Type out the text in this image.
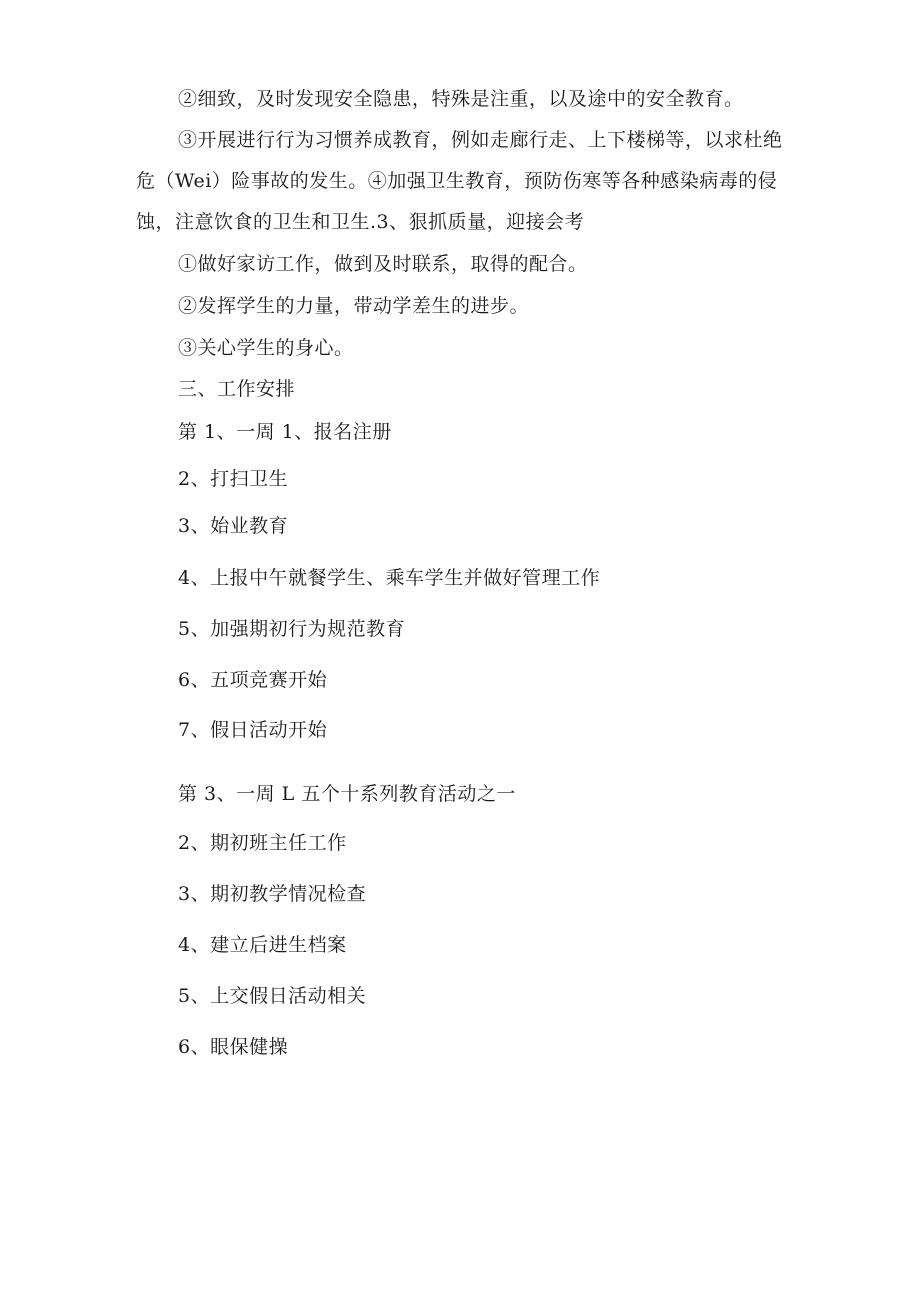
②细致，及时发现安全隐患，特殊是注重，以及途中的安全教育。
③开展进行行为习惯养成教育，例如走廊行走、上下楼梯等，以求杜绝
危（Wei）险事故的发生。④加强卫生教育，预防伤寒等各种感染病毒的侵
蚀，注意饮食的卫生和卫生.3、狠抓质量，迎接会考
①做好家访工作，做到及时联系，取得的配合。
②发挥学生的力量，带动学差生的进步。
③关心学生的身心。
三、工作安排
第 1、一周 1、报名注册
2、打扫卫生
3、始业教育
4、上报中午就餐学生、乘车学生并做好管理工作
5、加强期初行为规范教育
6、五项竞赛开始
7、假日活动开始
第 3、一周 L 五个十系列教育活动之一
2、期初班主任工作
3、期初教学情况检查
4、建立后进生档案
5、上交假日活动相关
6、眼保健操
